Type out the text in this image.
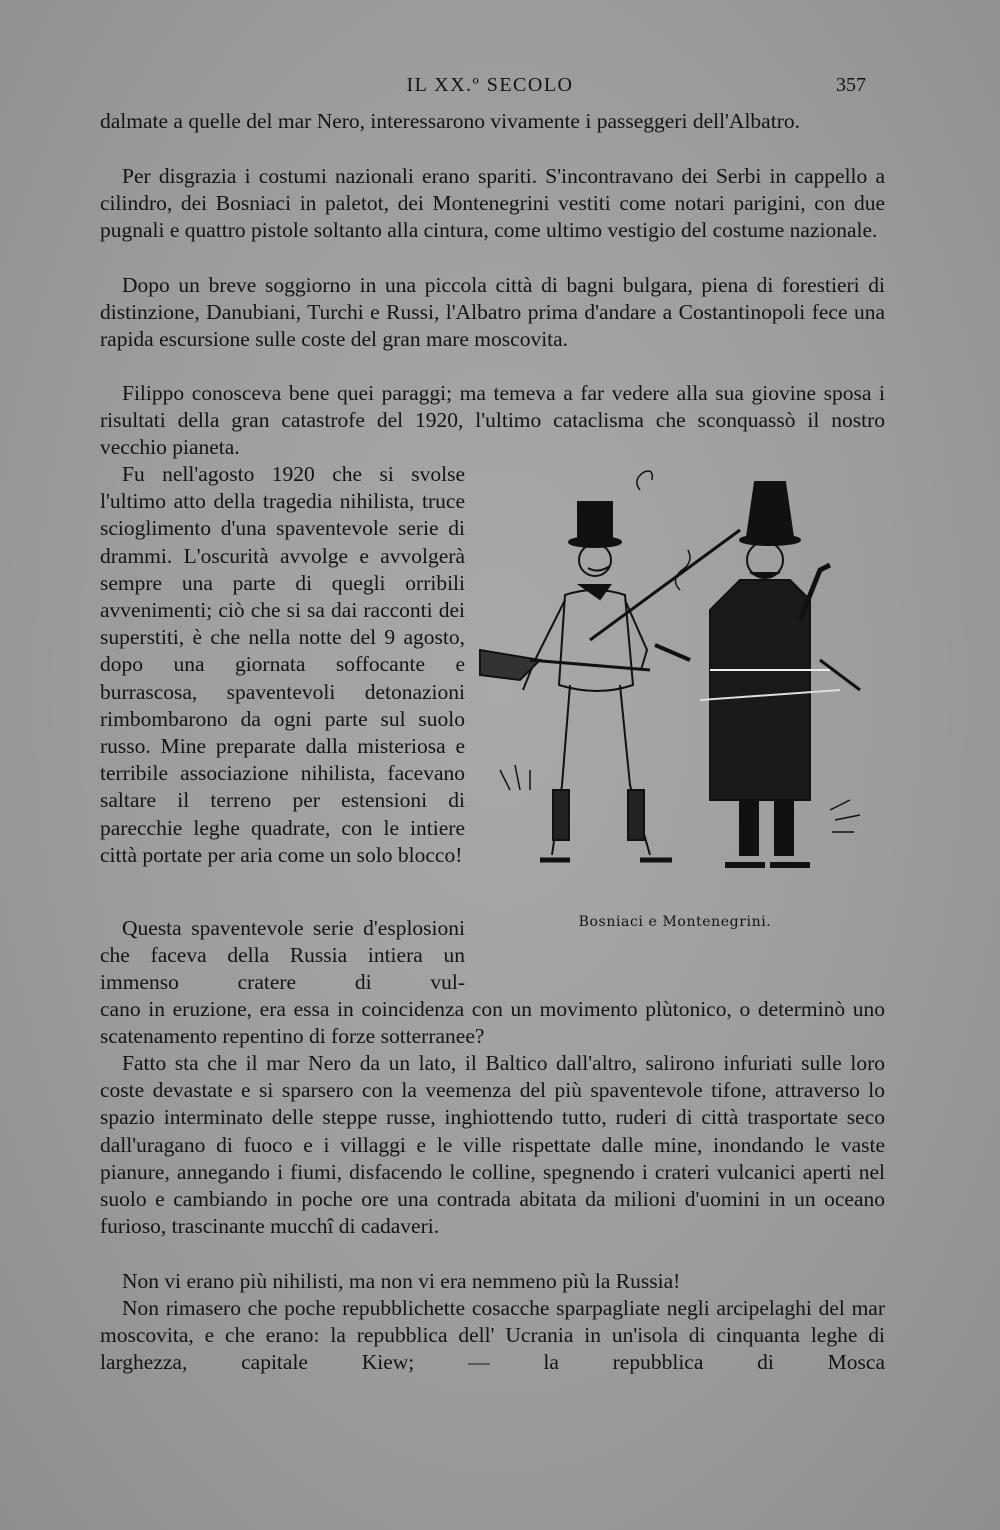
IL XX.º SECOLO	357

dalmate a quelle del mar Nero, interessarono vivamente i passeggeri dell'Albatro.

Per disgrazia i costumi nazionali erano spariti. S'incontravano dei Serbi in cappello a cilindro, dei Bosniaci in paletot, dei Montenegrini vestiti come notari parigini, con due pugnali e quattro pistole soltanto alla cintura, come ultimo vestigio del costume nazionale.

Dopo un breve soggiorno in una piccola città di bagni bulgara, piena di forestieri di distinzione, Danubiani, Turchi e Russi, l'Albatro prima d'andare a Costantinopoli fece una rapida escursione sulle coste del gran mare moscovita.

Filippo conosceva bene quei paraggi; ma temeva a far vedere alla sua giovine sposa i risultati della gran catastrofe del 1920, l'ultimo cataclisma che sconquassò il nostro vecchio pianeta.

Fu nell'agosto 1920 che si svolse l'ultimo atto della tragedia nihilista, truce scioglimento d'una spaventevole serie di drammi. L'oscurità avvolge e avvolgerà sempre una parte di quegli orribili avvenimenti; ciò che si sa dai racconti dei superstiti, è che nella notte del 9 agosto, dopo una giornata soffocante e burrascosa, spaventevoli detonazioni rimbombarono da ogni parte sul suolo russo. Mine preparate dalla misteriosa e terribile associazione nihilista, facevano saltare il terreno per estensioni di parecchie leghe quadrate, con le intiere città portate per aria come un solo blocco!

Questa spaventevole serie d'esplosioni che faceva della Russia intiera un immenso cratere di vul-

cano in eruzione, era essa in coincidenza con un movimento plùtonico, o determinò uno scatenamento repentino di forze sotterranee?

Fatto sta che il mar Nero da un lato, il Baltico dall'altro, salirono infuriati sulle loro coste devastate e si sparsero con la veemenza del più spaventevole tifone, attraverso lo spazio interminato delle steppe russe, inghiottendo tutto, ruderi di città trasportate seco dall'uragano di fuoco e i villaggi e le ville rispettate dalle mine, inondando le vaste pianure, annegando i fiumi, disfacendo le colline, spegnendo i crateri vulcanici aperti nel suolo e cambiando in poche ore una contrada abitata da milioni d'uomini in un oceano furioso, trascinante mucchî di cadaveri.

Non vi erano più nihilisti, ma non vi era nemmeno più la Russia!

Non rimasero che poche repubblichette cosacche sparpagliate negli arcipelaghi del mar moscovita, e che erano: la repubblica dell' Ucrania in un'isola di cinquanta leghe di larghezza, capitale Kiew; — la repubblica di Mosca

Bosniaci e Montenegrini.
